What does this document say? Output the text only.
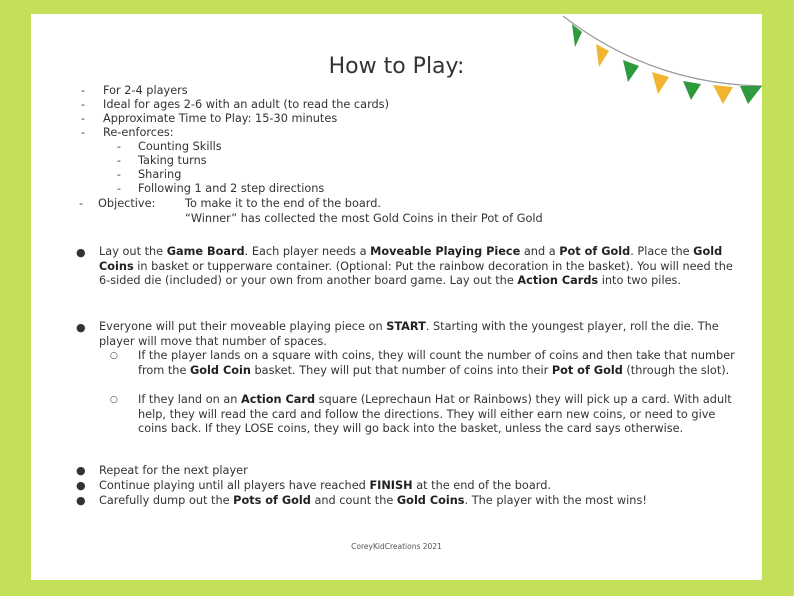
How to Play:
- For 2-4 players
- Ideal for ages 2-6 with an adult (to read the cards)
- Approximate Time to Play: 15-30 minutes
- Re-enforces:
- Counting Skills
- Taking turns
- Sharing
- Following 1 and 2 step directions
- Objective:	To make it to the end of the board.
“Winner” has collected the most Gold Coins in their Pot of Gold
● Lay out the Game Board. Each player needs a Moveable Playing Piece and a Pot of Gold. Place the Gold Coins in basket or tupperware container. (Optional: Put the rainbow decoration in the basket). You will need the 6-sided die (included) or your own from another board game. Lay out the Action Cards into two piles.
● Everyone will put their moveable playing piece on START. Starting with the youngest player, roll the die. The player will move that number of spaces.
○ If the player lands on a square with coins, they will count the number of coins and then take that number from the Gold Coin basket. They will put that number of coins into their Pot of Gold (through the slot).
○ If they land on an Action Card square (Leprechaun Hat or Rainbows) they will pick up a card. With adult help, they will read the card and follow the directions. They will either earn new coins, or need to give coins back. If they LOSE coins, they will go back into the basket, unless the card says otherwise.
● Repeat for the next player
● Continue playing until all players have reached FINISH at the end of the board.
● Carefully dump out the Pots of Gold and count the Gold Coins. The player with the most wins!
CoreyKidCreations 2021
